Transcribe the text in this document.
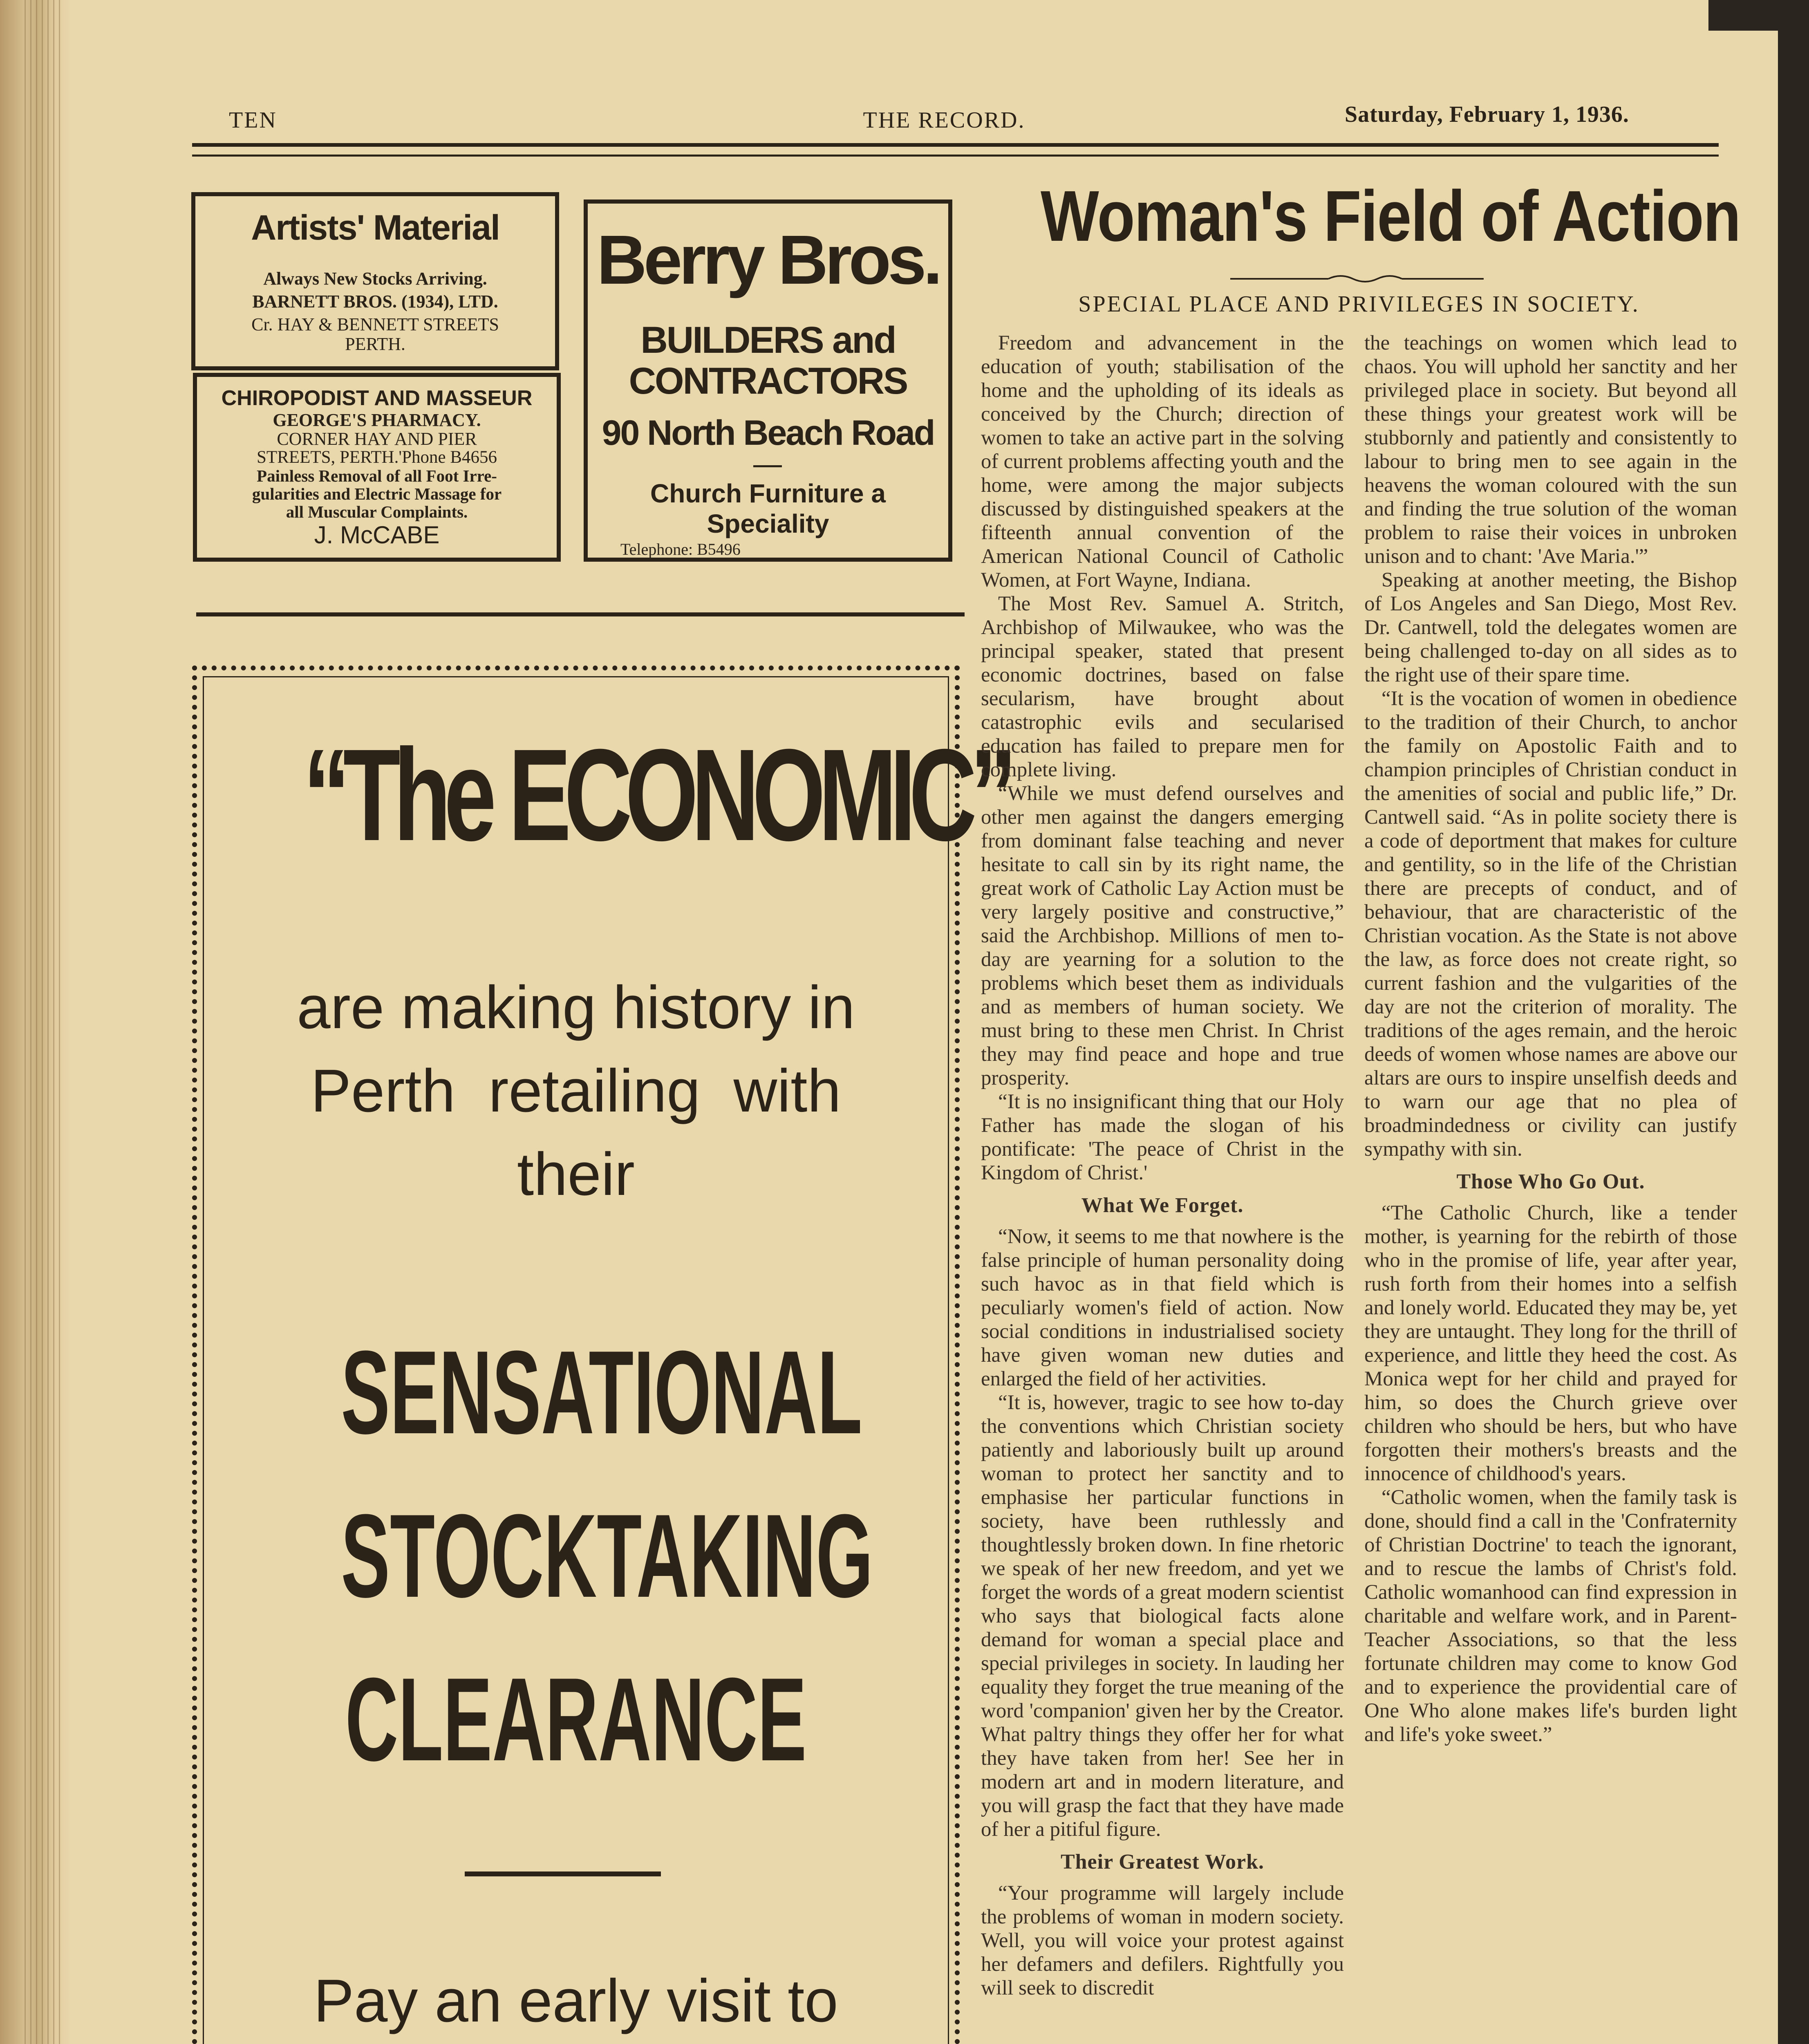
TEN	THE RECORD.	Saturday, February 1, 1936.
Artists' Material
Always New Stocks Arriving.
BARNETT BROS. (1934), LTD.
Cr. HAY & BENNETT STREETS
PERTH.
CHIROPODIST AND MASSEUR
GEORGE'S PHARMACY.
CORNER HAY AND PIER
STREETS, PERTH.'Phone B4656
Painless Removal of all Foot Irre-
gularities and Electric Massage for
all Muscular Complaints.
J. McCABE
Berry Bros.
BUILDERS and
CONTRACTORS
90 North Beach Road
Church Furniture a
Speciality
Telephone: B5496
“The ECONOMIC”
are making history in
Perth retailing with
their
SENSATIONAL
STOCKTAKING
CLEARANCE
Pay an early visit to
Woman's Field of Action
SPECIAL PLACE AND PRIVILEGES IN SOCIETY.

Freedom and advancement in the education of youth; stabilisation of the home and the upholding of its ideals as conceived by the Church; direction of women to take an active part in the solving of current problems affecting youth and the home, were among the major subjects discussed by distinguished speakers at the fifteenth annual convention of the American National Council of Catholic Women, at Fort Wayne, Indiana.

The Most Rev. Samuel A. Stritch, Archbishop of Milwaukee, who was the principal speaker, stated that present economic doctrines, based on false secularism, have brought about catastrophic evils and secularised education has failed to prepare men for complete living.

“While we must defend ourselves and other men against the dangers emerging from dominant false teaching and never hesitate to call sin by its right name, the great work of Catholic Lay Action must be very largely positive and constructive,” said the Archbishop. Millions of men to-day are yearning for a solution to the problems which beset them as individuals and as members of human society. We must bring to these men Christ. In Christ they may find peace and hope and true prosperity.

“It is no insignificant thing that our Holy Father has made the slogan of his pontificate: 'The peace of Christ in the Kingdom of Christ.'

What We Forget.

“Now, it seems to me that nowhere is the false principle of human personality doing such havoc as in that field which is peculiarly women's field of action. Now social conditions in industrialised society have given woman new duties and enlarged the field of her activities.

“It is, however, tragic to see how to-day the conventions which Christian society patiently and laboriously built up around woman to protect her sanctity and to emphasise her particular functions in society, have been ruthlessly and thoughtlessly broken down. In fine rhetoric we speak of her new freedom, and yet we forget the words of a great modern scientist who says that biological facts alone demand for woman a special place and special privileges in society. In lauding her equality they forget the true meaning of the word 'companion' given her by the Creator. What paltry things they offer her for what they have taken from her! See her in modern art and in modern literature, and you will grasp the fact that they have made of her a pitiful figure.

Their Greatest Work.

“Your programme will largely include the problems of woman in modern society. Well, you will voice your protest against her defamers and defilers. Rightfully you will seek to discredit

the teachings on women which lead to chaos. You will uphold her sanctity and her privileged place in society. But beyond all these things your greatest work will be stubbornly and patiently and consistently to labour to bring men to see again in the heavens the woman coloured with the sun and finding the true solution of the woman problem to raise their voices in unbroken unison and to chant: 'Ave Maria.'”

Speaking at another meeting, the Bishop of Los Angeles and San Diego, Most Rev. Dr. Cantwell, told the delegates women are being challenged to-day on all sides as to the right use of their spare time.

“It is the vocation of women in obedience to the tradition of their Church, to anchor the family on Apostolic Faith and to champion principles of Christian conduct in the amenities of social and public life,” Dr. Cantwell said. “As in polite society there is a code of deportment that makes for culture and gentility, so in the life of the Christian there are precepts of conduct, and of behaviour, that are characteristic of the Christian vocation. As the State is not above the law, as force does not create right, so current fashion and the vulgarities of the day are not the criterion of morality. The traditions of the ages remain, and the heroic deeds of women whose names are above our altars are ours to inspire unselfish deeds and to warn our age that no plea of broadmindedness or civility can justify sympathy with sin.

Those Who Go Out.

“The Catholic Church, like a tender mother, is yearning for the rebirth of those who in the promise of life, year after year, rush forth from their homes into a selfish and lonely world. Educated they may be, yet they are untaught. They long for the thrill of experience, and little they heed the cost. As Monica wept for her child and prayed for him, so does the Church grieve over children who should be hers, but who have forgotten their mothers's breasts and the innocence of childhood's years.

“Catholic women, when the family task is done, should find a call in the 'Confraternity of Christian Doctrine' to teach the ignorant, and to rescue the lambs of Christ's fold. Catholic womanhood can find expression in charitable and welfare work, and in Parent-Teacher Associations, so that the less fortunate children may come to know God and to experience the providential care of One Who alone makes life's burden light and life's yoke sweet.”
